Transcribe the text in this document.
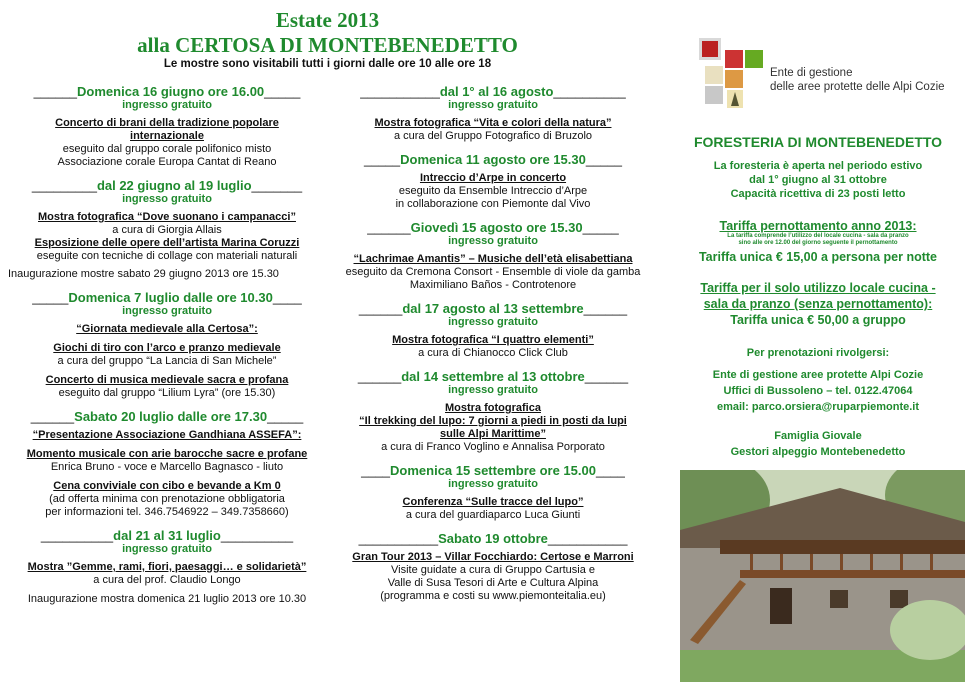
Estate 2013
alla CERTOSA DI MONTEBENEDETTO
Le mostre sono visitabili tutti i giorni dalle ore 10 alle ore 18
______Domenica 16 giugno ore 16.00_____
ingresso gratuito
Concerto di brani della tradizione popolare
internazionale
eseguito dal gruppo corale polifonico misto
Associazione corale Europa Cantat di Reano
_________dal 22 giugno al 19 luglio_______
ingresso gratuito
Mostra fotografica “Dove suonano i campanacci”
a cura di Giorgia Allais
Esposizione delle opere dell’artista Marina Coruzzi
eseguite con tecniche di collage con materiali naturali
Inaugurazione mostre sabato 29 giugno 2013 ore 15.30
_____Domenica 7 luglio dalle ore 10.30____
ingresso gratuito
“Giornata medievale alla Certosa”:
Giochi di tiro con l’arco e pranzo medievale
a cura del gruppo “La Lancia di San Michele”
Concerto di musica medievale sacra e profana
eseguito dal gruppo “Lilium Lyra” (ore 15.30)
______Sabato 20 luglio dalle ore 17.30_____
“Presentazione Associazione Gandhiana ASSEFA”:
Momento musicale con arie barocche sacre e profane
Enrica Bruno - voce e Marcello Bagnasco - liuto
Cena conviviale con cibo e bevande a Km 0
(ad offerta minima con prenotazione obbligatoria
per informazioni tel. 346.7546922 – 349.7358660)
__________dal 21 al 31 luglio__________
ingresso gratuito
Mostra ”Gemme, rami, fiori, paesaggi… e solidarietà”
a cura del prof. Claudio Longo
Inaugurazione mostra domenica 21 luglio 2013 ore 10.30
___________dal 1° al 16 agosto__________
ingresso gratuito
Mostra fotografica “Vita e colori della natura”
a cura del Gruppo Fotografico di Bruzolo
_____Domenica 11 agosto ore 15.30_____
Intreccio d’Arpe in concerto
eseguito da Ensemble Intreccio d’Arpe
in collaborazione con Piemonte dal Vivo
______Giovedì 15 agosto ore 15.30_____
ingresso gratuito
“Lachrimae Amantis” – Musiche dell’età elisabettiana
eseguito da Cremona Consort - Ensemble di viole da gamba
Maximiliano Baños - Controtenore
______dal 17 agosto al 13 settembre______
ingresso gratuito
Mostra fotografica “I quattro elementi”
a cura di Chianocco Click Club
______dal 14 settembre al 13 ottobre______
ingresso gratuito
Mostra fotografica
“Il trekking del lupo: 7 giorni a piedi in posti da lupi
sulle Alpi Marittime”
a cura di Franco Voglino e Annalisa Porporato
____Domenica 15 settembre ore 15.00____
ingresso gratuito
Conferenza “Sulle tracce del lupo”
a cura del guardiaparco Luca Giunti
___________Sabato 19 ottobre___________
Gran Tour 2013 – Villar Focchiardo: Certose e Marroni
Visite guidate a cura di Gruppo Cartusia e
Valle di Susa Tesori di Arte e Cultura Alpina
(programma e costi su www.piemonteitalia.eu)
Ente di gestione
delle aree protette delle Alpi Cozie
FORESTERIA DI MONTEBENEDETTO
La foresteria è aperta nel periodo estivo
dal 1° giugno al 31 ottobre
Capacità ricettiva di 23 posti letto
Tariffa pernottamento anno 2013:
La tariffa comprende l’utilizzo del locale cucina - sala da pranzo
sino alle ore 12.00 del giorno seguente il pernottamento
Tariffa unica € 15,00 a persona per notte
Tariffa per il solo utilizzo locale cucina -
sala da pranzo (senza pernottamento):
Tariffa unica € 50,00 a gruppo
Per prenotazioni rivolgersi:
Ente di gestione aree protette Alpi Cozie
Uffici di Bussoleno – tel. 0122.47064
email: parco.orsiera@ruparpiemonte.it
Famiglia Giovale
Gestori alpeggio Montebenedetto
